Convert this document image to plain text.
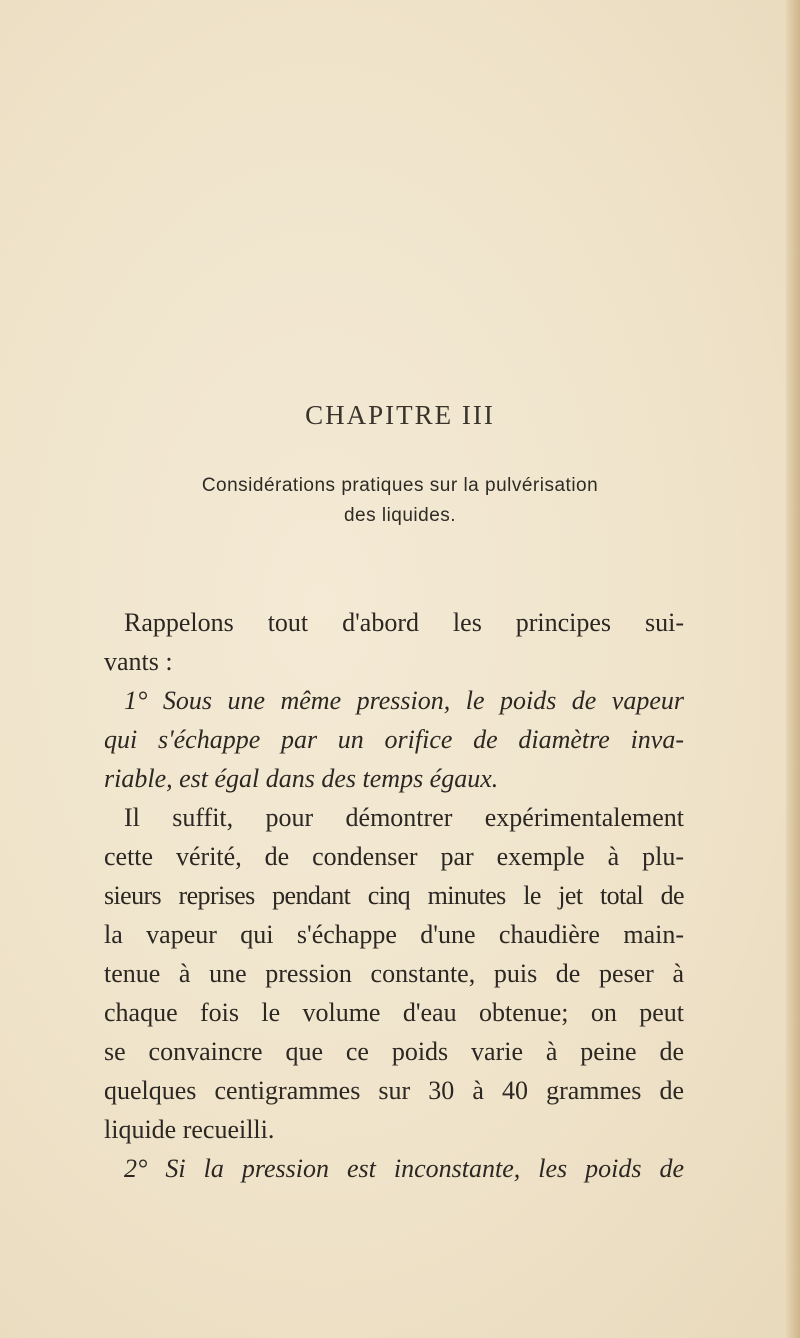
CHAPITRE III
Considérations pratiques sur la pulvérisation
des liquides.
Rappelons tout d'abord les principes sui-
vants :
1° Sous une même pression, le poids de vapeur
qui s'échappe par un orifice de diamètre inva-
riable, est égal dans des temps égaux.
Il suffit, pour démontrer expérimentalement
cette vérité, de condenser par exemple à plu-
sieurs reprises pendant cinq minutes le jet total de
la vapeur qui s'échappe d'une chaudière main-
tenue à une pression constante, puis de peser à
chaque fois le volume d'eau obtenue; on peut
se convaincre que ce poids varie à peine de
quelques centigrammes sur 30 à 40 grammes de
liquide recueilli.
2° Si la pression est inconstante, les poids de
